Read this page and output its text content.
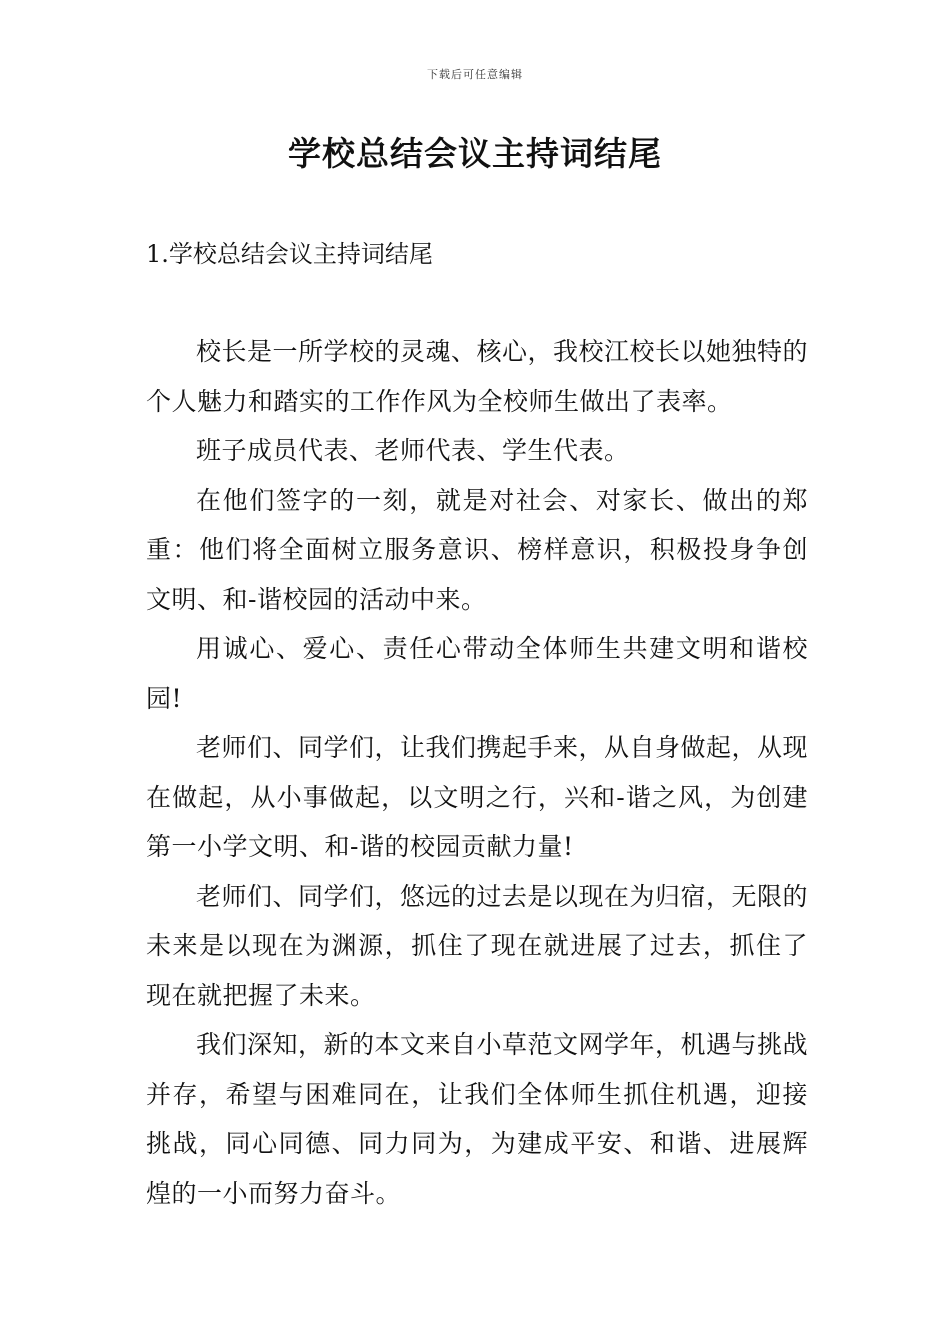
下载后可任意编辑
学校总结会议主持词结尾
1.学校总结会议主持词结尾

校长是一所学校的灵魂、核心，我校江校长以她独特的个人魅力和踏实的工作作风为全校师生做出了表率。

班子成员代表、老师代表、学生代表。

在他们签字的一刻，就是对社会、对家长、做出的郑重：他们将全面树立服务意识、榜样意识，积极投身争创文明、和-谐校园的活动中来。

用诚心、爱心、责任心带动全体师生共建文明和谐校园!

老师们、同学们，让我们携起手来，从自身做起，从现在做起，从小事做起，以文明之行，兴和-谐之风，为创建第一小学文明、和-谐的校园贡献力量!

老师们、同学们，悠远的过去是以现在为归宿，无限的未来是以现在为渊源，抓住了现在就进展了过去，抓住了现在就把握了未来。

我们深知，新的本文来自小草范文网学年，机遇与挑战并存，希望与困难同在，让我们全体师生抓住机遇，迎接挑战，同心同德、同力同为，为建成平安、和谐、进展辉煌的一小而努力奋斗。
